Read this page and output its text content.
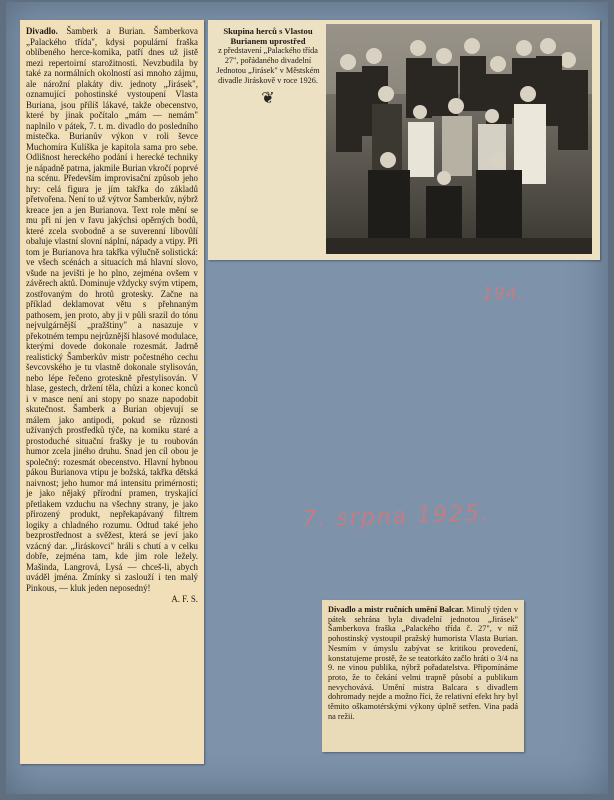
Divadlo. Šamberk a Burian. Šamberkova „Palackého třída", kdysi populární fraška oblíbeného herce-komika, patří dnes už jistě mezi repertoirní starožitnosti. Nevzbudila by také za normálních okolností asi mnoho zájmu, ale nárožní plakáty div. jednoty „Jirásek", oznamující pohostinské vystoupení Vlasta Buriana, jsou příliš lákavé, takže obecenstvo, které by jinak počítalo „mám — nemám" naplnilo v pátek, 7. t. m. divadlo do posledního místečka. Burianův výkon v roli ševce Muchomíra Kulíška je kapitola sama pro sebe. Odlišnost hereckého podání i herecké techniky je nápadně patrna, jakmile Burian vkročí poprvé na scénu. Především improvisační způsob jeho hry: celá figura je jím takřka do základů přetvořena. Není to už výtvor Šamberkův, nýbrž kreace jen a jen Burianova. Text role mění se mu při ní jen v řavu jakýchsi opěrných bodů, které zcela svobodně a se suverenní libovůlí obaluje vlastní slovní náplní, nápady a vtipy. Při tom je Burianova hra takřka výlučně solistická: ve všech scénách a situacích má hlavní slovo, všude na jevišti je ho plno, zejména ovšem v závěrech aktů. Dominuje vždycky svým vtipem, zostřovaným do hrotů grotesky. Začne na příklad deklamovat větu s přehnaným pathosem, jen proto, aby ji v půli srazil do tónu nejvulgárnější „pražštiny" a nasazuje v překotném tempu nejrůznější hlasové modulace, kterými dovede dokonale rozesmát. Jadrně realistický Šamberkův mistr počestného cechu ševcovského je tu vlastně dokonale stylisován, nebo lépe řečeno groteskně přestylisován. V hlase, gestech, držení těla, chůzi a konec konců i v masce není ani stopy po snaze napodobit skutečnost. Šamberk a Burian objevují se málem jako antipodi, pokud se různosti užívaných prostředků týče, na komiku staré a prostoduché situační frašky je tu roubován humor zcela jiného druhu. Snad jen cíl obou je společný: rozesmát obecenstvo. Hlavní hybnou pákou Burianova vtipu je božská, takřka dětská naivnost; jeho humor má intensitu primérnosti; je jako nějaký přírodní pramen, tryskající přetlakem vzduchu na všechny strany, je jako přirozený produkt, nepřekapávaný filtrem logiky a chladného rozumu. Odtud také jeho bezprostřednost a svěžest, která se jeví jako vzácný dar. „Jiráskovci" hráli s chutí a v celku dobře, zejména tam, kde jim role ležely. Mašinda, Langrová, Lysá — chceš-li, abych uváděl jména. Zmínky si zaslouží i ten malý Pinkous, — kluk jeden neposedný!

A. F. S.
Skupina herců s Vlastou Burianem uprostřed
z představení „Palackého třída 27", pořádaného divadelní Jednotou „Jirásek" v Městském divadle Jiráskově v roce 1926.
❦
194.
7. srpna 1925.

Divadlo a mistr ručních umění Balcar. Minulý týden v pátek sehrána byla divadelní jednotou „Jirásek" Šamberkova fraška „Palackého třída č. 27", v níž pohostinský vystoupil pražský humorista Vlasta Burian. Nesmím v úmyslu zabývat se kritikou provedení, konstatujeme prostě, že se teatorkáto začlo hráti o 3/4 na 9. ne vinou publika, nýbrž pořadatelstva. Připomínáme proto, že to čekání velmi trapně působí a publikum nevychovává. Umění mistra Balcara s divadlem dohromady nejde a možno říci, že relativní efekt hry byl těmito oškamotérskými výkony úplně setřen. Vina padá na režii.
